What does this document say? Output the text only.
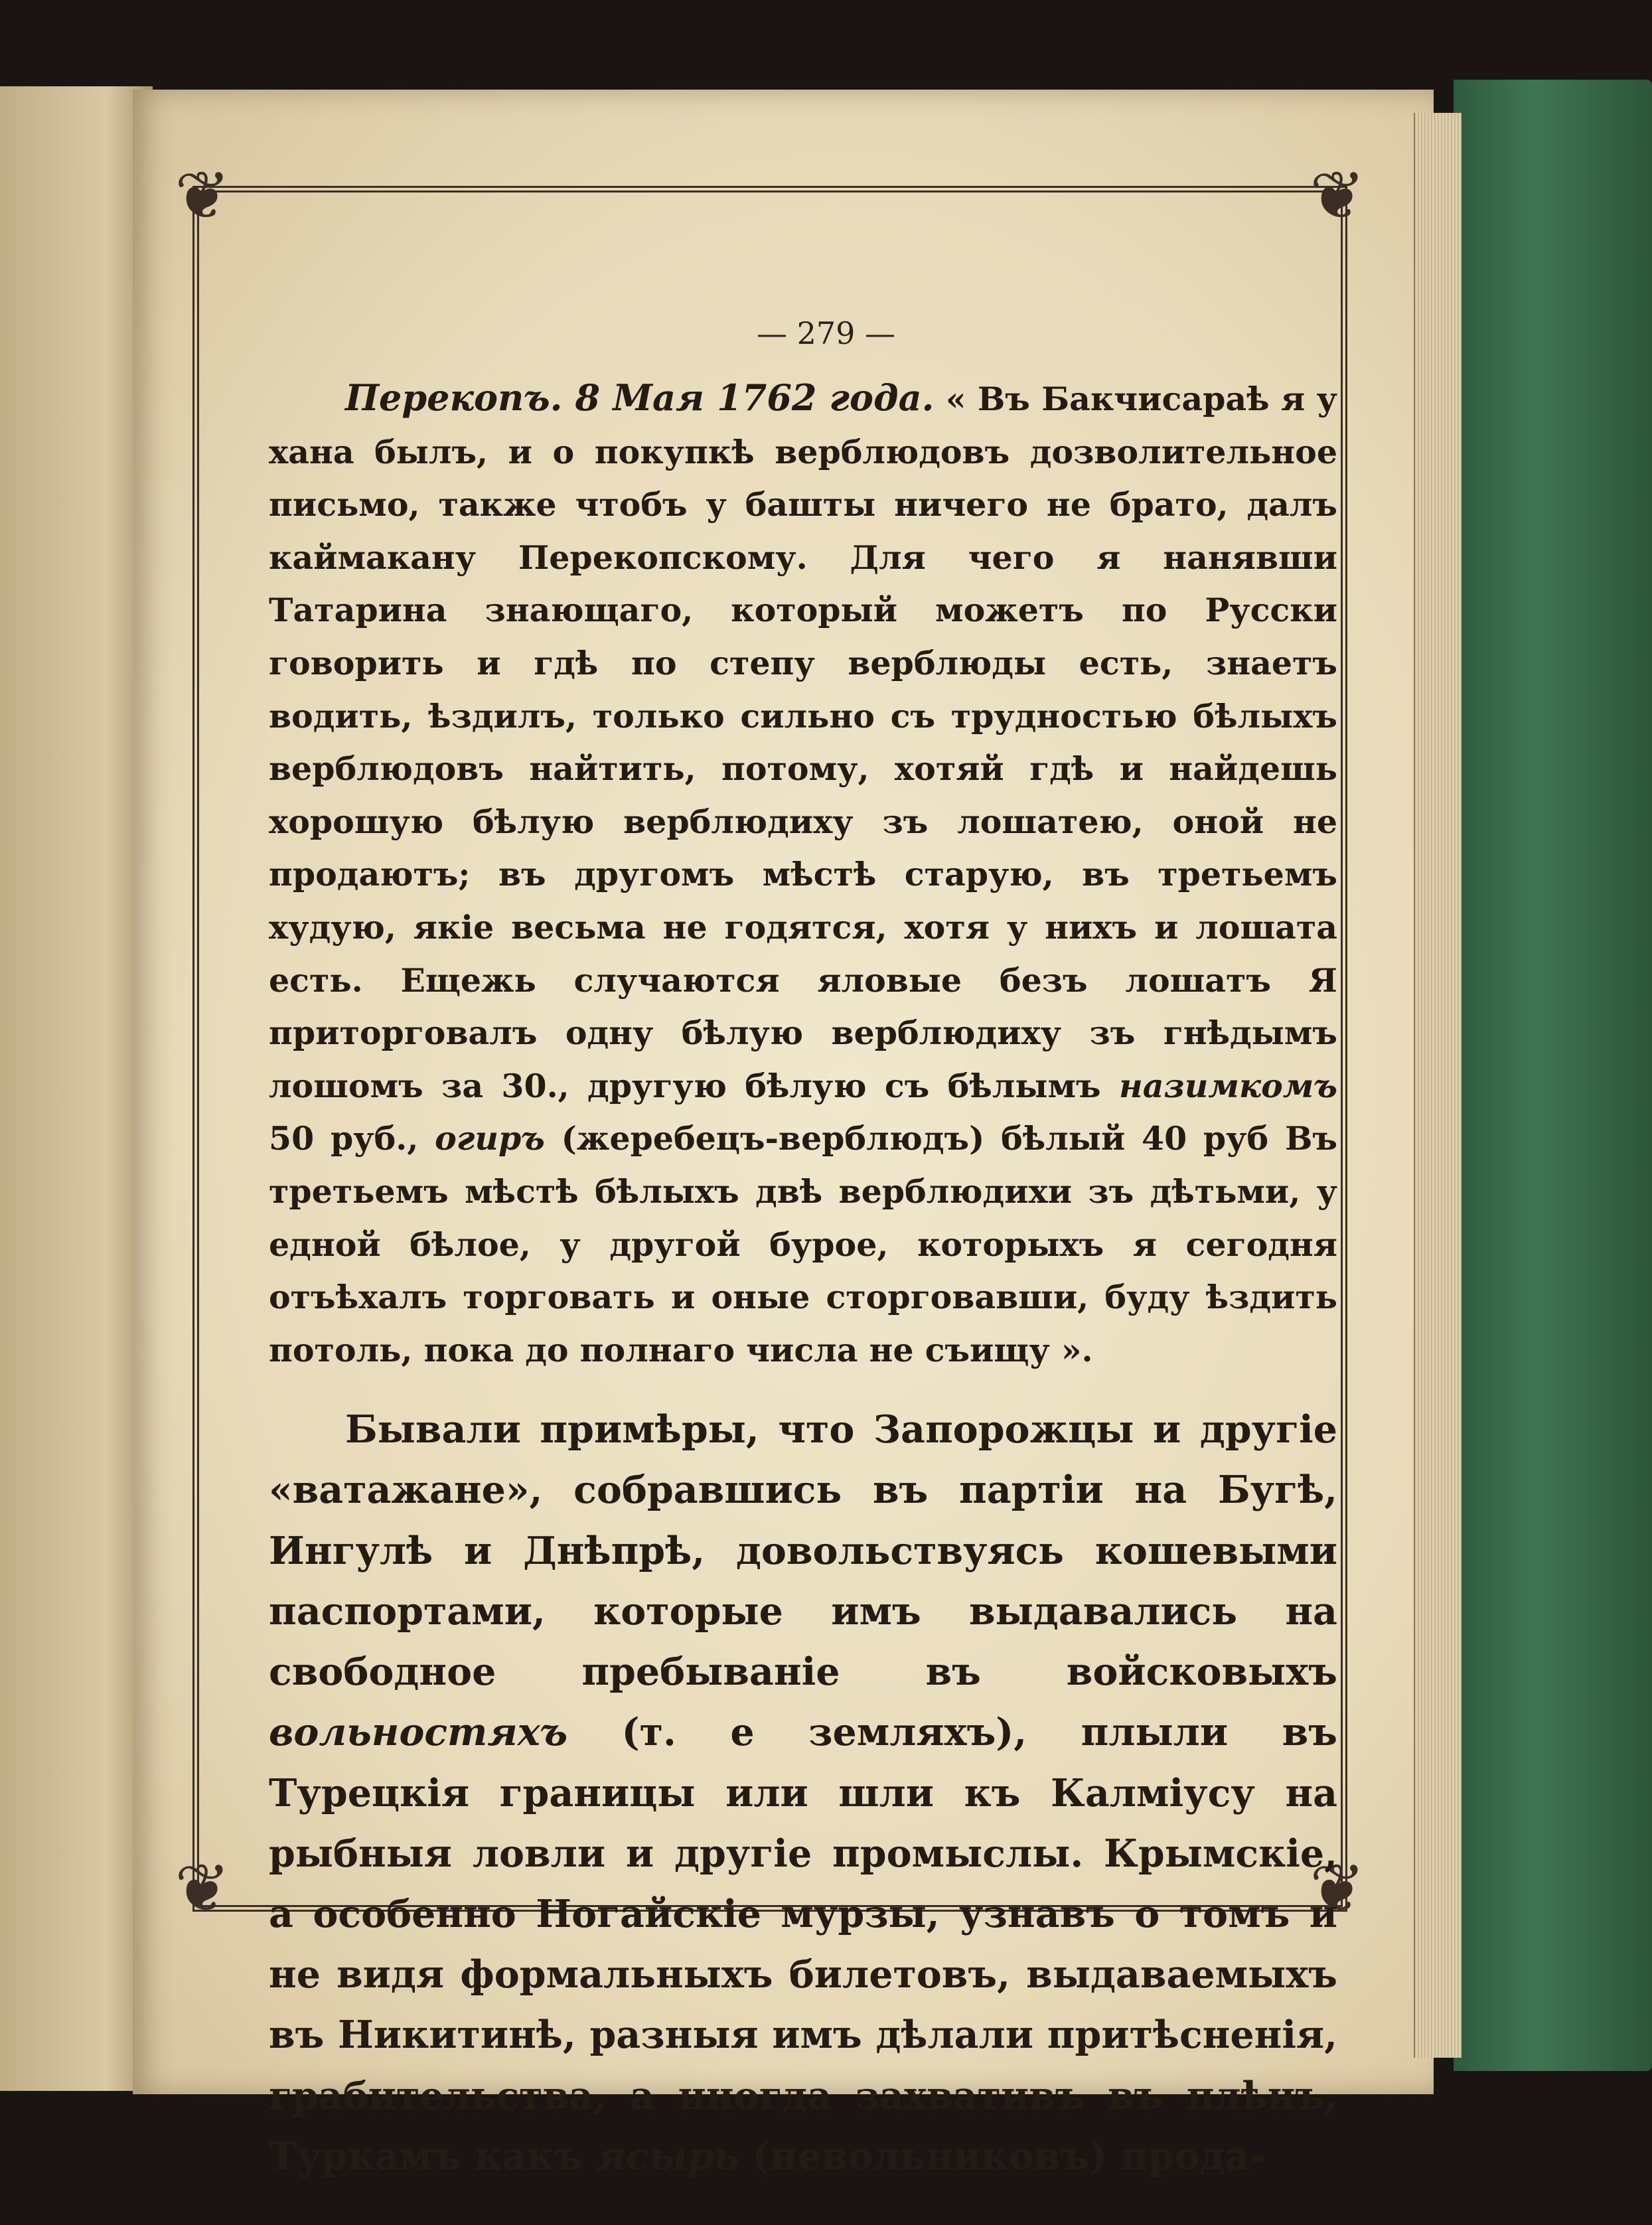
❦	❦
❦	❦
— 279 —

Перекопъ. 8 Мая 1762 года. « Въ Бакчисараѣ я у хана былъ, и о покупкѣ верблюдовъ дозволительное письмо, также чтобъ у башты ничего не брато, далъ каймакану Перекопскому. Для чего я нанявши Татарина знающаго, который можетъ по Русски говорить и гдѣ по степу верблюды есть, знаетъ водить, ѣздилъ, только сильно съ трудностью бѣлыхъ верблюдовъ найтить, потому, хотяй гдѣ и найдешь хорошую бѣлую верблюдиху зъ лошатею, оной не продаютъ; въ другомъ мѣстѣ старую, въ третьемъ худую, якіе весьма не годятся, хотя у нихъ и лошата есть. Ещежь случаются яловые безъ лошатъ Я приторговалъ одну бѣлую верблюдиху зъ гнѣдымъ лошомъ за 30., другую бѣлую съ бѣлымъ назимкомъ 50 руб., огиръ (жеребецъ-верблюдъ) бѣлый 40 руб Въ третьемъ мѣстѣ бѣлыхъ двѣ верблюдихи зъ дѣтьми, у едной бѣлое, у другой бурое, которыхъ я сегодня отъѣхалъ торговать и оные сторговавши, буду ѣздить потоль, пока до полнаго числа не съищу ».

Бывали примѣры, что Запорожцы и другіе «ватажане», собравшись въ партіи на Бугѣ, Ингулѣ и Днѣпрѣ, довольствуясь кошевыми паспортами, которые имъ выдавались на свободное пребываніе въ войсковыхъ вольностяхъ (т. е земляхъ), плыли въ Турецкія границы или шли къ Калміусу на рыбныя ловли и другіе промыслы. Крымскіе, а особенно Ногайскіе мурзы, узнавъ о томъ и не видя формальныхъ билетовъ, выдаваемыхъ въ Никитинѣ, разныя имъ дѣлали притѣсненія, грабительства, а иногда захвативъ въ плѣнъ, Туркамъ какъ ясырь (невольниковъ) прода-
